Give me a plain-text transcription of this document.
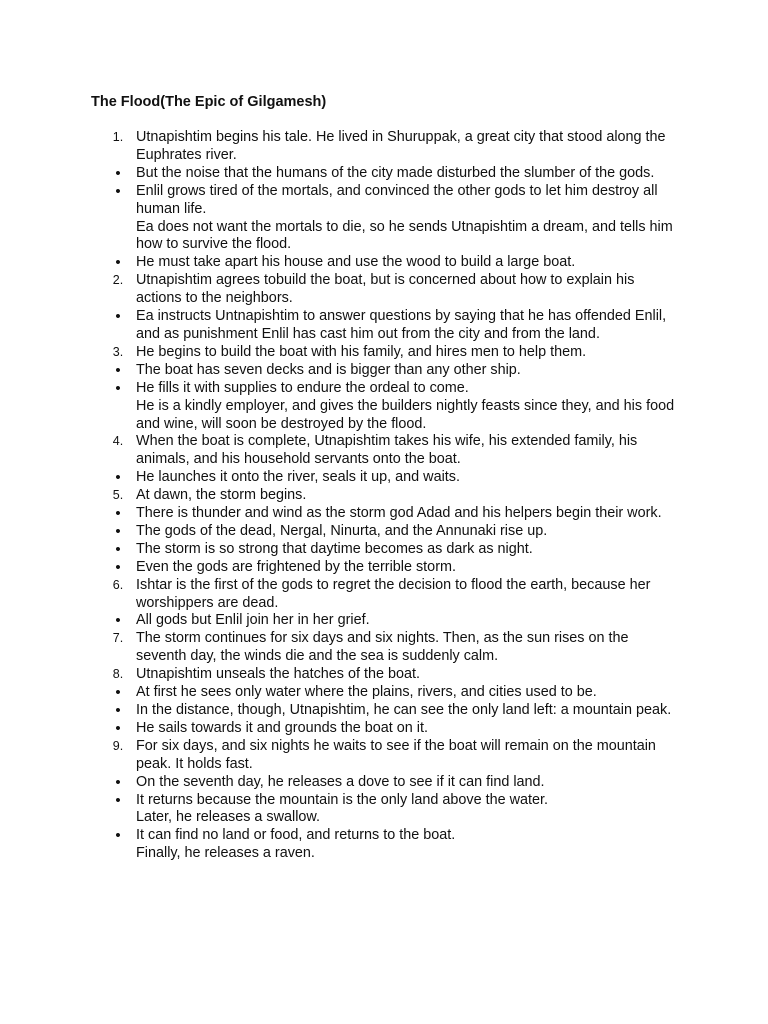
The Flood(The Epic of Gilgamesh)
1. Utnapishtim begins his tale. He lived in Shuruppak, a great city that stood along the Euphrates river.
•	But the noise that the humans of the city made disturbed the slumber of the gods.
•	Enlil grows tired of the mortals, and convinced the other gods to let him destroy all human life.
Ea does not want the mortals to die, so he sends Utnapishtim a dream, and tells him how to survive the flood.
•	He must take apart his house and use the wood to build a large boat.
2. Utnapishtim agrees tobuild the boat, but is concerned about how to explain his actions to the neighbors.
•	Ea instructs Untnapishtim to answer questions by saying that he has offended Enlil, and as punishment Enlil has cast him out from the city and from the land.
3. He begins to build the boat with his family, and hires men to help them.
•	The boat has seven decks and is bigger than any other ship.
•	He fills it with supplies to endure the ordeal to come.
He is a kindly employer, and gives the builders nightly feasts since they, and his food and wine, will soon be destroyed by the flood.
4. When the boat is complete, Utnapishtim takes his wife, his extended family, his animals, and his household servants onto the boat.
•	He launches it onto the river, seals it up, and waits.
5. At dawn, the storm begins.
•	There is thunder and wind as the storm god Adad and his helpers begin their work.
•	The gods of the dead, Nergal, Ninurta, and the Annunaki rise up.
•	The storm is so strong that daytime becomes as dark as night.
•	Even the gods are frightened by the terrible storm.
6. Ishtar is the first of the gods to regret the decision to flood the earth, because her worshippers are dead.
•	All gods but Enlil join her in her grief.
7. The storm continues for six days and six nights. Then, as the sun rises on the seventh day, the winds die and the sea is suddenly calm.
8. Utnapishtim unseals the hatches of the boat.
•	At first he sees only water where the plains, rivers, and cities used to be.
•	In the distance, though, Utnapishtim, he can see the only land left: a mountain peak.
•	He sails towards it and grounds the boat on it.
9. For six days, and six nights he waits to see if the boat will remain on the mountain peak. It holds fast.
•	On the seventh day, he releases a dove to see if it can find land.
•	It returns because the mountain is the only land above the water.
Later, he releases a swallow.
•	It can find no land or food, and returns to the boat.
Finally, he releases a raven.
